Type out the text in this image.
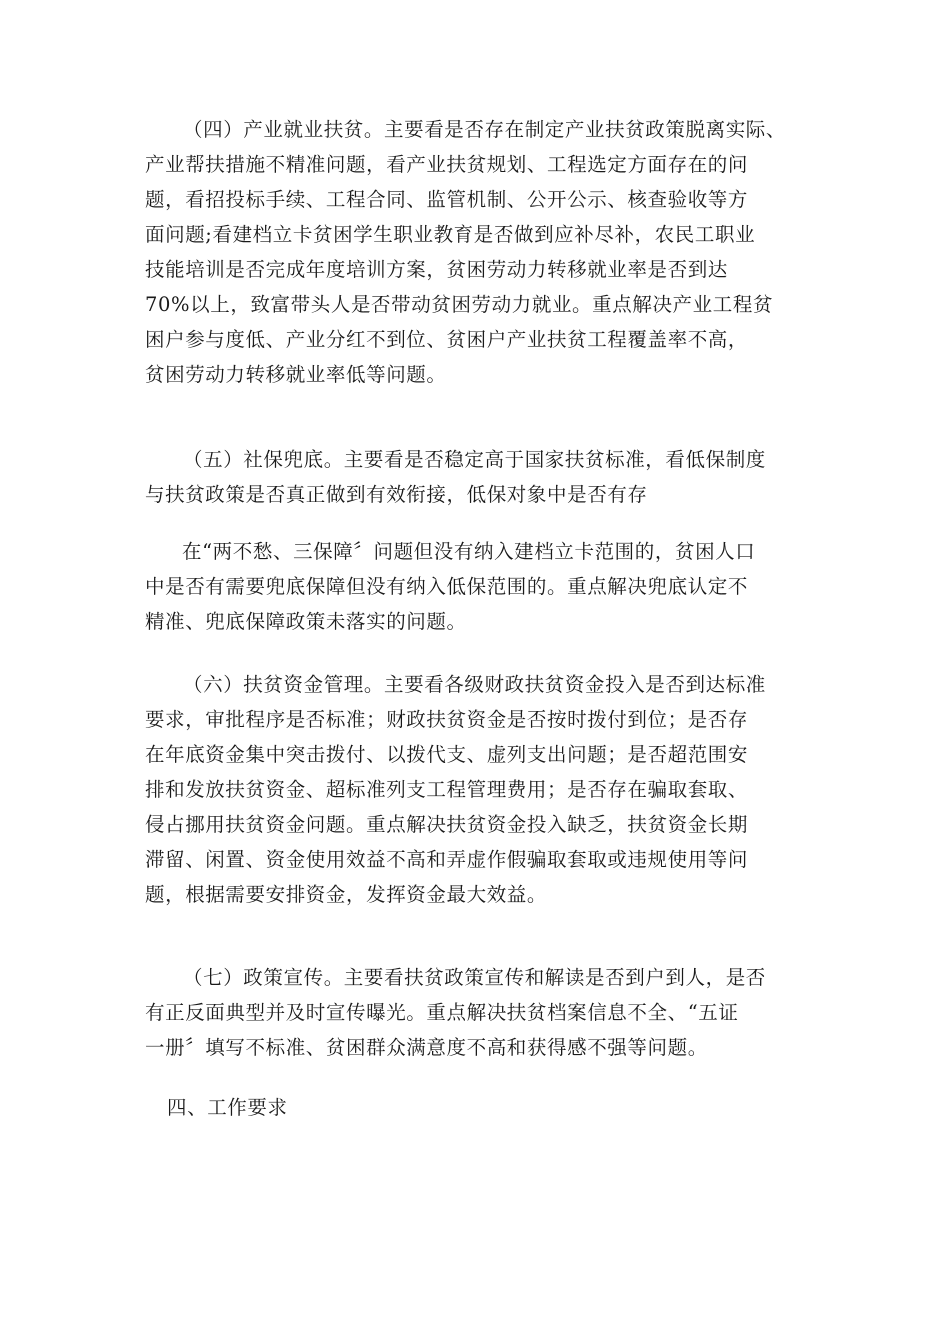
（四）产业就业扶贫。主要看是否存在制定产业扶贫政策脱离实际、
产业帮扶措施不精准问题，看产业扶贫规划、工程选定方面存在的问
题，看招投标手续、工程合同、监管机制、公开公示、核查验收等方
面问题;看建档立卡贫困学生职业教育是否做到应补尽补，农民工职业
技能培训是否完成年度培训方案，贫困劳动力转移就业率是否到达
70%以上，致富带头人是否带动贫困劳动力就业。重点解决产业工程贫
困户参与度低、产业分红不到位、贫困户产业扶贫工程覆盖率不高，
贫困劳动力转移就业率低等问题。
（五）社保兜底。主要看是否稳定高于国家扶贫标准，看低保制度
与扶贫政策是否真正做到有效衔接，低保对象中是否有存
在“两不愁、三保障〞问题但没有纳入建档立卡范围的，贫困人口
中是否有需要兜底保障但没有纳入低保范围的。重点解决兜底认定不
精准、兜底保障政策未落实的问题。
（六）扶贫资金管理。主要看各级财政扶贫资金投入是否到达标准
要求，审批程序是否标准；财政扶贫资金是否按时拨付到位；是否存
在年底资金集中突击拨付、以拨代支、虚列支出问题；是否超范围安
排和发放扶贫资金、超标准列支工程管理费用；是否存在骗取套取、
侵占挪用扶贫资金问题。重点解决扶贫资金投入缺乏，扶贫资金长期
滞留、闲置、资金使用效益不高和弄虚作假骗取套取或违规使用等问
题，根据需要安排资金，发挥资金最大效益。
（七）政策宣传。主要看扶贫政策宣传和解读是否到户到人，是否
有正反面典型并及时宣传曝光。重点解决扶贫档案信息不全、“五证
一册〞填写不标准、贫困群众满意度不高和获得感不强等问题。
四、工作要求
